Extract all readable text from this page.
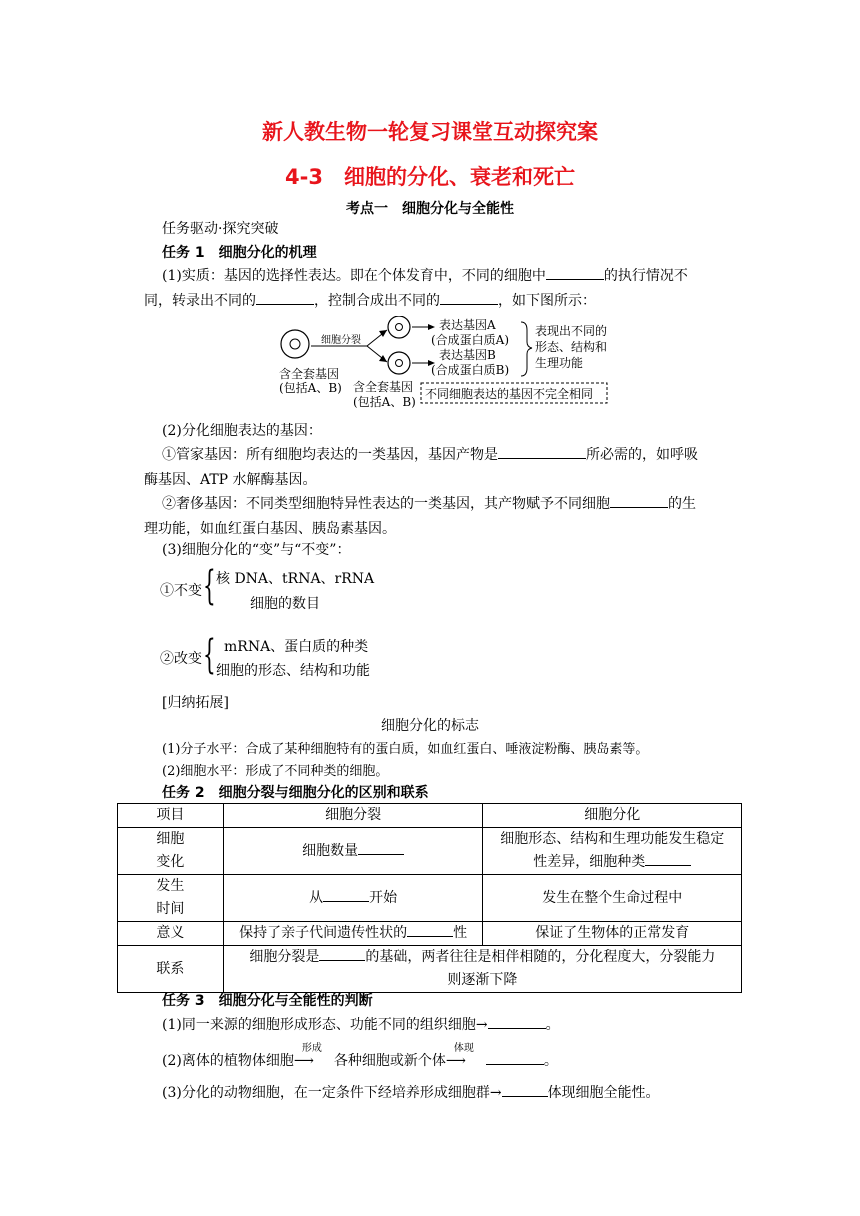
新人教生物一轮复习课堂互动探究案
4-3　细胞的分化、衰老和死亡
考点一　细胞分化与全能性
任务驱动·探究突破
任务 1　细胞分化的机理
(1)实质：基因的选择性表达。即在个体发育中，不同的细胞中	的执行情况不
同，转录出不同的	，控制合成出不同的	，如下图所示：
细胞分裂
表达基因A
(合成蛋白质A)
表达基因B
(合成蛋白质B)
表现出不同的
形态、结构和
生理功能
含全套基因
(包括A、B) 含全套基因
(包括A、B)
不同细胞表达的基因不完全相同
(2)分化细胞表达的基因：
①管家基因：所有细胞均表达的一类基因，基因产物是	所必需的，如呼吸
酶基因、ATP 水解酶基因。
②奢侈基因：不同类型细胞特异性表达的一类基因，其产物赋予不同细胞	的生
理功能，如血红蛋白基因、胰岛素基因。
(3)细胞分化的“变”与“不变”：
①不变 { 核 DNA、tRNA、rRNA
细胞的数目
②改变 { mRNA、蛋白质的种类
细胞的形态、结构和功能
[归纳拓展]
细胞分化的标志
(1)分子水平：合成了某种细胞特有的蛋白质，如血红蛋白、唾液淀粉酶、胰岛素等。
(2)细胞水平：形成了不同种类的细胞。
任务 2　细胞分裂与细胞分化的区别和联系
项目	细胞分裂	细胞分化
细胞
变化	细胞数量	细胞形态、结构和生理功能发生稳定
性差异，细胞种类
发生
时间	从 开始	发生在整个生命过程中
意义	保持了亲子代间遗传性状的 性	保证了生物体的正常发育
联系	细胞分裂是 的基础，两者往往是相伴相随的，分化程度大，分裂能力
则逐渐下降	
任务 3　细胞分化与全能性的判断
(1)同一来源的细胞形成形态、功能不同的组织细胞→	。
(2)离体的植物体细胞
形成
⟶ 各种细胞或新个体
体现
⟶	。
(3)分化的动物细胞，在一定条件下经培养形成细胞群→	体现细胞全能性。
